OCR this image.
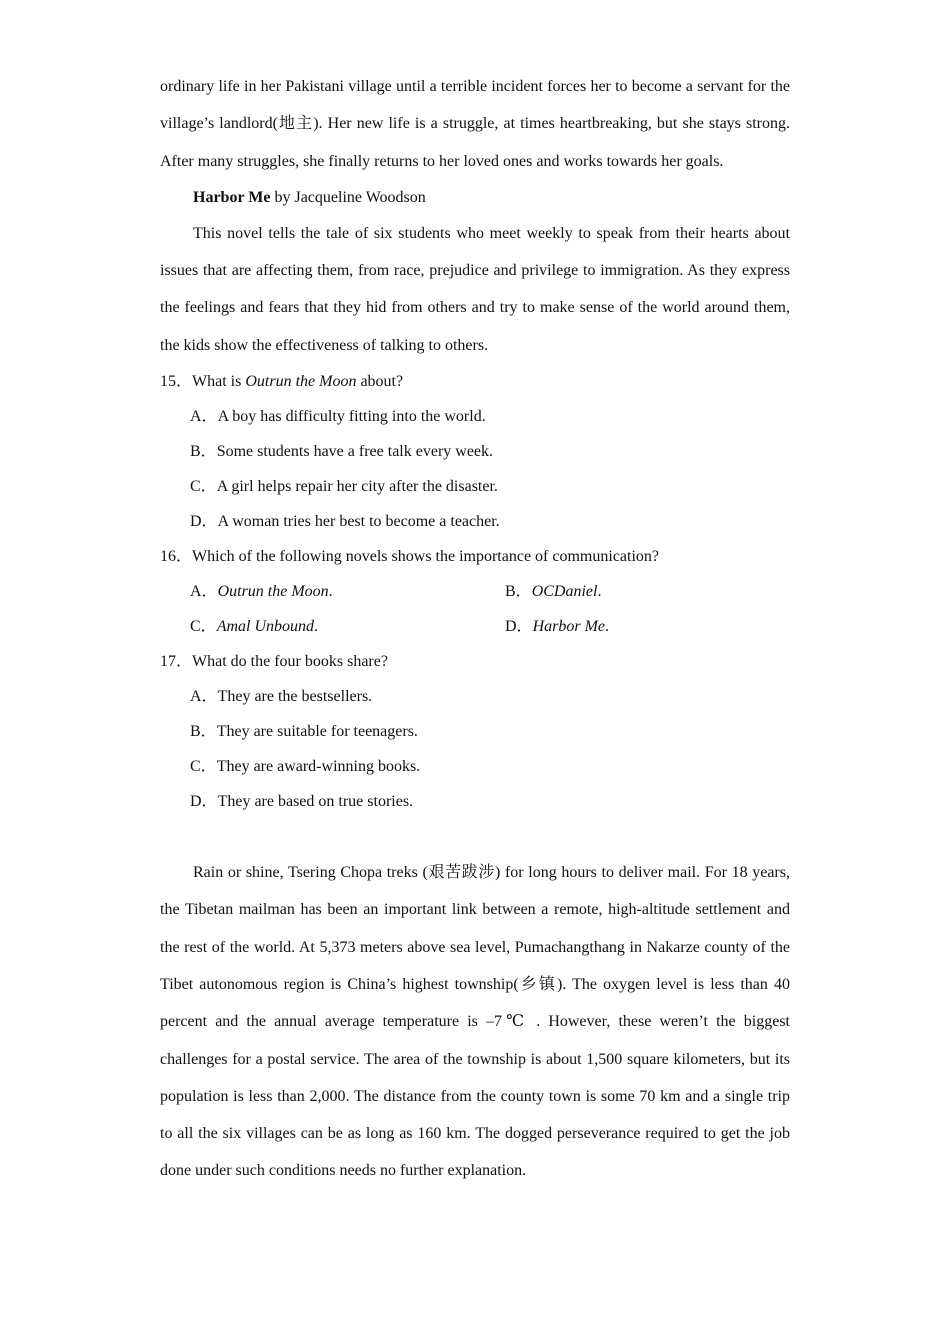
ordinary life in her Pakistani village until a terrible incident forces her to become a servant for the village’s landlord(地主). Her new life is a struggle, at times heartbreaking, but she stays strong. After many struggles, she finally returns to her loved ones and works towards her goals.

Harbor Me by Jacqueline Woodson

This novel tells the tale of six students who meet weekly to speak from their hearts about issues that are affecting them, from race, prejudice and privilege to immigration. As they express the feelings and fears that they hid from others and try to make sense of the world around them, the kids show the effectiveness of talking to others.

15．What is Outrun the Moon about?

A．A boy has difficulty fitting into the world.

B．Some students have a free talk every week.

C．A girl helps repair her city after the disaster.

D．A woman tries her best to become a teacher.

16．Which of the following novels shows the importance of communication?

A．Outrun the Moon.	B．OCDaniel.
C．Amal Unbound.	D．Harbor Me.

17．What do the four books share?

A．They are the bestsellers.

B．They are suitable for teenagers.

C．They are award-winning books.

D．They are based on true stories.

Rain or shine, Tsering Chopa treks (艰苦跋涉) for long hours to deliver mail. For 18 years, the Tibetan mailman has been an important link between a remote, high-altitude settlement and the rest of the world. At 5,373 meters above sea level, Pumachangthang in Nakarze county of the Tibet autonomous region is China’s highest township(乡镇). The oxygen level is less than 40 percent and the annual average temperature is –7℃ . However, these weren’t the biggest challenges for a postal service. The area of the township is about 1,500 square kilometers, but its population is less than 2,000. The distance from the county town is some 70 km and a single trip to all the six villages can be as long as 160 km. The dogged perseverance required to get the job done under such conditions needs no further explanation.
